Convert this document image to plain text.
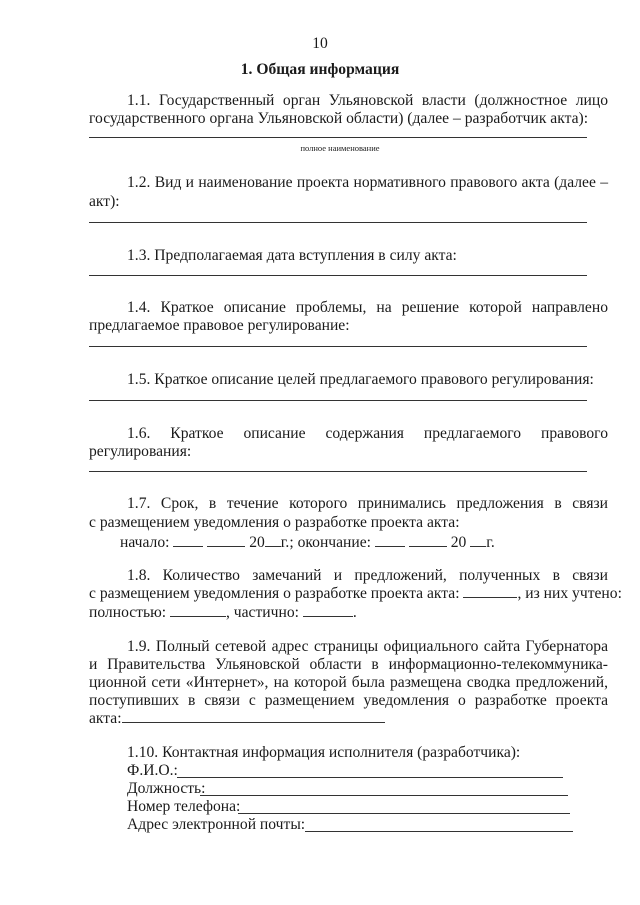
10
1. Общая информация
1.1. Государственный орган Ульяновской власти (должностное лицо
государственного органа Ульяновской области) (далее – разработчик акта):
полное наименование
1.2. Вид и наименование проекта нормативного правового акта (далее –
акт):
1.3. Предполагаемая дата вступления в силу акта:
1.4. Краткое описание проблемы, на решение которой направлено
предлагаемое правовое регулирование:
1.5. Краткое описание целей предлагаемого правового регулирования:
1.6. Краткое описание содержания предлагаемого правового
регулирования:
1.7. Срок, в течение которого принимались предложения в связи
с размещением уведомления о разработке проекта акта:
начало:	20 г.; окончание:	20 г.
1.8. Количество замечаний и предложений, полученных в связи
с размещением уведомления о разработке проекта акта:	, из них учтено:
полностью:	, частично:	.
1.9. Полный сетевой адрес страницы официального сайта Губернатора
и Правительства Ульяновской области в информационно-телекоммуника-
ционной сети «Интернет», на которой была размещена сводка предложений,
поступивших в связи с размещением уведомления о разработке проекта
акта:
1.10. Контактная информация исполнителя (разработчика):
Ф.И.О.:
Должность:
Номер телефона:
Адрес электронной почты:
